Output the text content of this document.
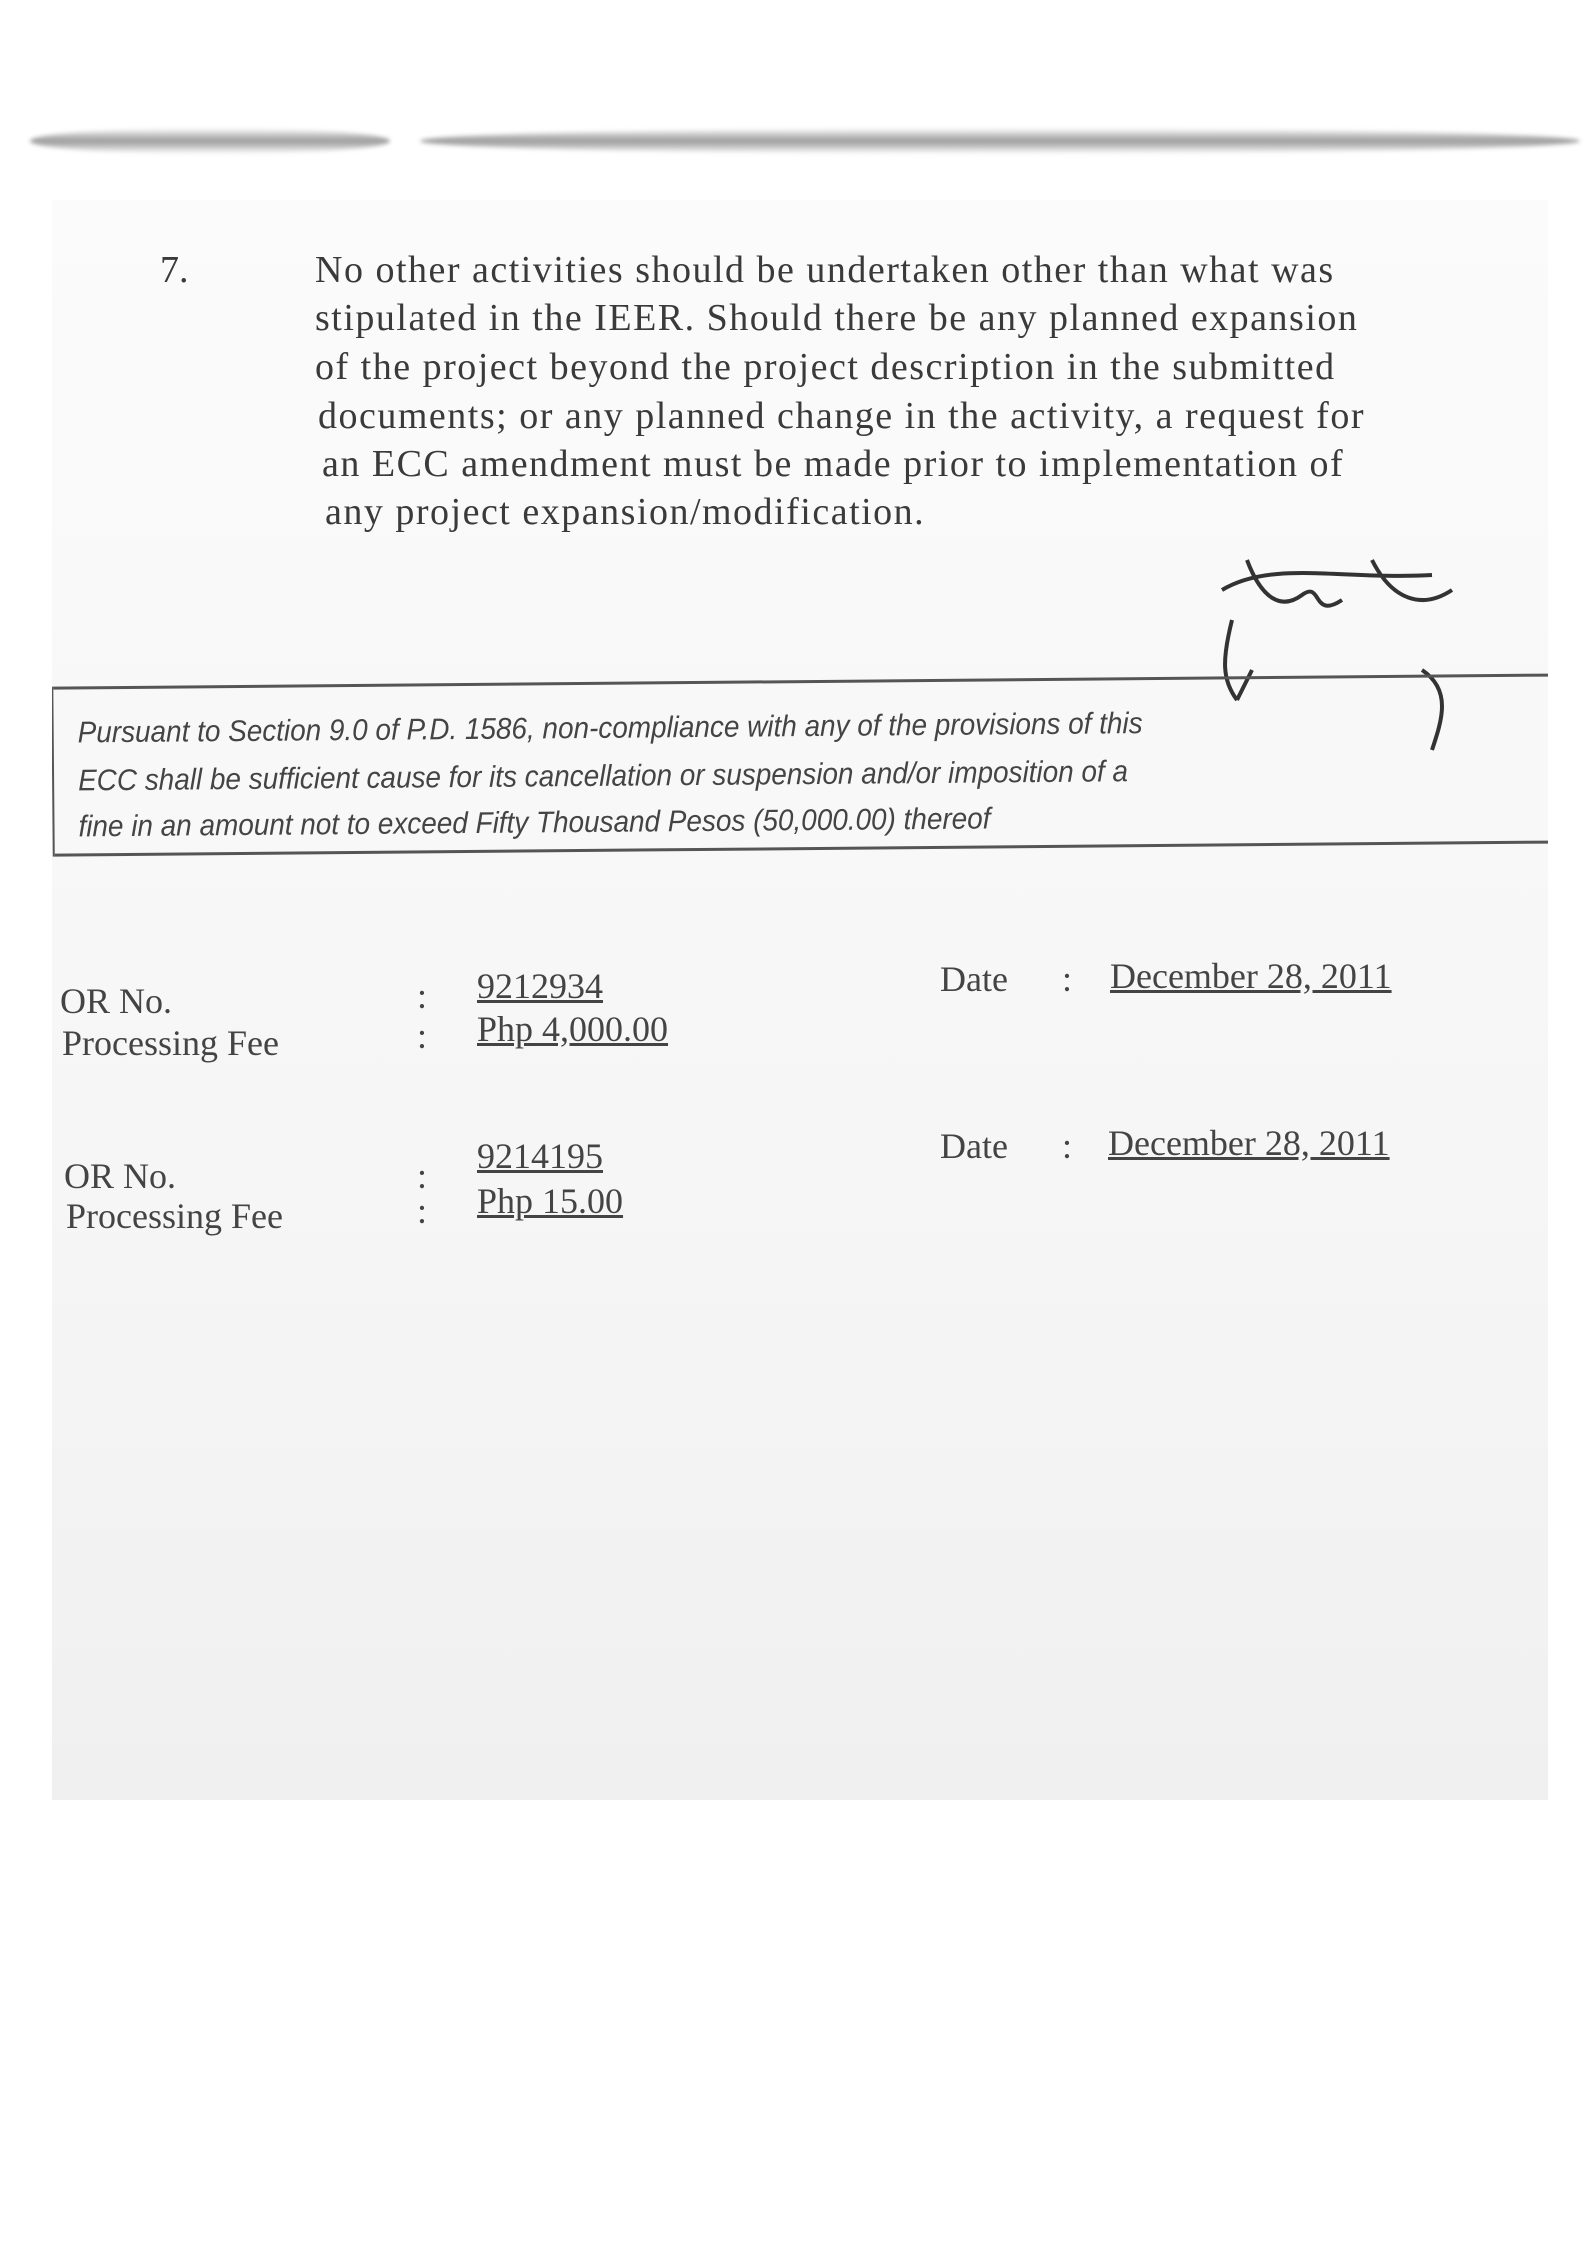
7.	No other activities should be undertaken other than what was
stipulated in the IEER. Should there be any planned expansion
of the project beyond the project description in the submitted
documents; or any planned change in the activity, a request for
an ECC amendment must be made prior to implementation of
any project expansion/modification.
Pursuant to Section 9.0 of P.D. 1586, non-compliance with any of the provisions of this
ECC shall be sufficient cause for its cancellation or suspension and/or imposition of a
fine in an amount not to exceed Fifty Thousand Pesos (50,000.00) thereof
OR No.	: 9212934
Processing Fee	: Php 4,000.00
Date : December 28, 2011
OR No.	: 9214195
Processing Fee	: Php 15.00
Date : December 28, 2011
